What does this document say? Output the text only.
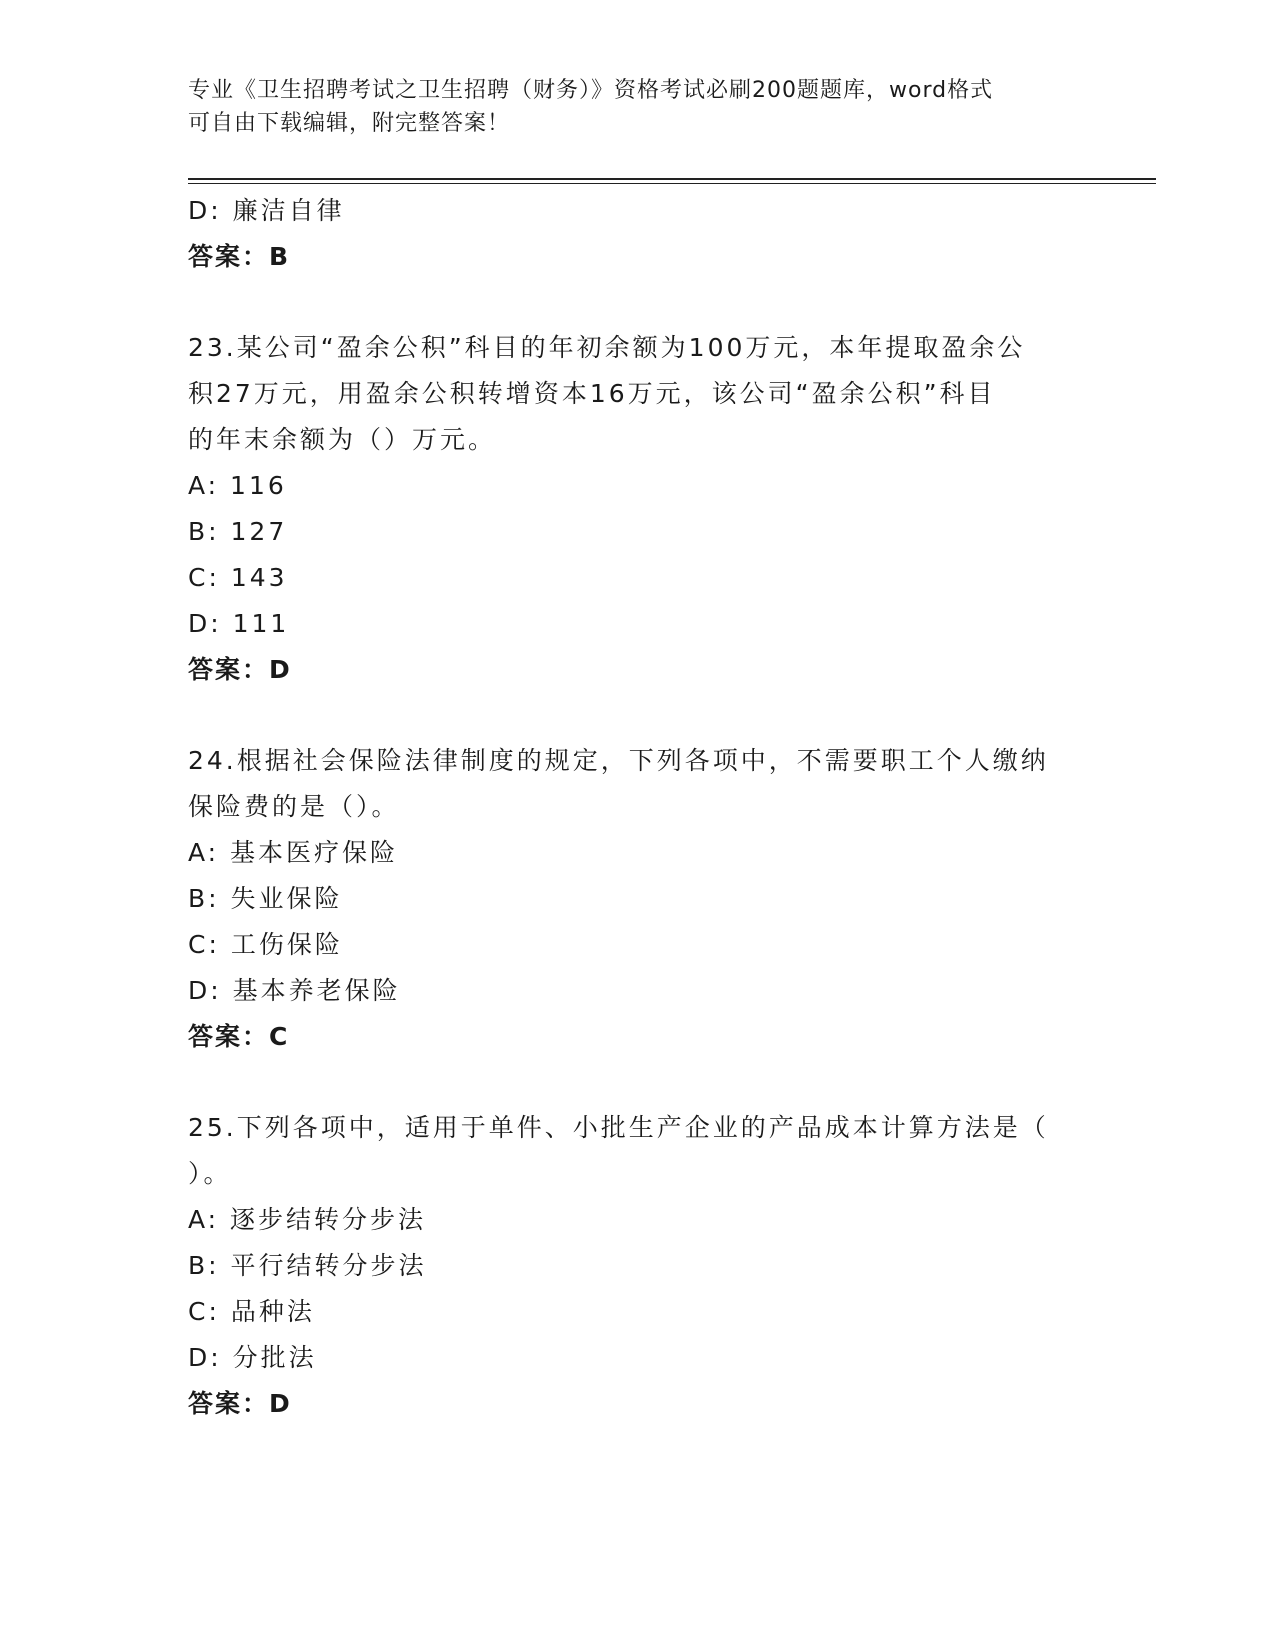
专业《卫生招聘考试之卫生招聘（财务）》资格考试必刷200题题库，word格式
可自由下载编辑，附完整答案！
D: 廉洁自律
答案：B
23.某公司“盈余公积”科目的年初余额为100万元，本年提取盈余公
积27万元，用盈余公积转增资本16万元，该公司“盈余公积”科目
的年末余额为（）万元。
A: 116
B: 127
C: 143
D: 111
答案：D
24.根据社会保险法律制度的规定，下列各项中，不需要职工个人缴纳
保险费的是（）。
A: 基本医疗保险
B: 失业保险
C: 工伤保险
D: 基本养老保险
答案：C
25.下列各项中，适用于单件、小批生产企业的产品成本计算方法是（
）。
A: 逐步结转分步法
B: 平行结转分步法
C: 品种法
D: 分批法
答案：D
